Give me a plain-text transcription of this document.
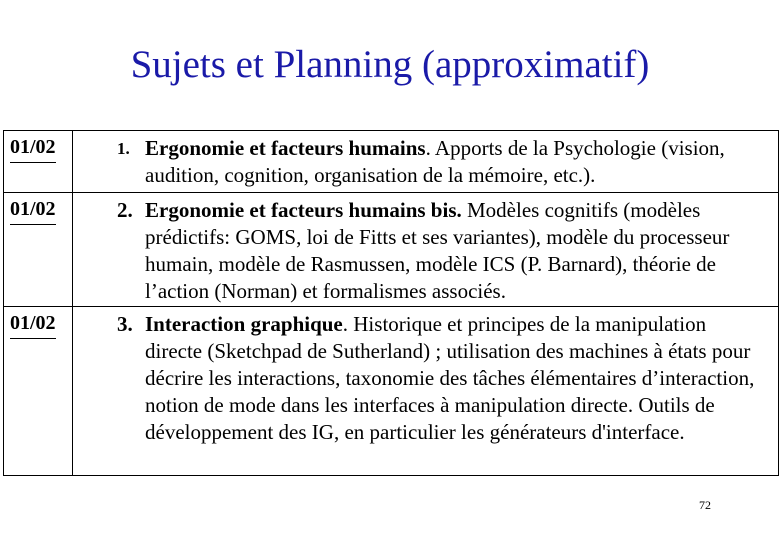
Sujets et Planning (approximatif)
01/02	1. Ergonomie et facteurs humains. Apports de la Psychologie (vision, audition, cognition, organisation de la mémoire, etc.).

01/02	2. Ergonomie et facteurs humains bis. Modèles cognitifs (modèles prédictifs: GOMS, loi de Fitts et ses variantes), modèle du processeur humain, modèle de Rasmussen, modèle ICS (P. Barnard), théorie de l’action (Norman) et formalismes associés.

01/02	3. Interaction graphique. Historique et principes de la manipulation directe (Sketchpad de Sutherland) ; utilisation des machines à états pour décrire les interactions, taxonomie des tâches élémentaires d’interaction, notion de mode dans les interfaces à manipulation directe. Outils de développement des IG, en particulier les générateurs d'interface.
72
